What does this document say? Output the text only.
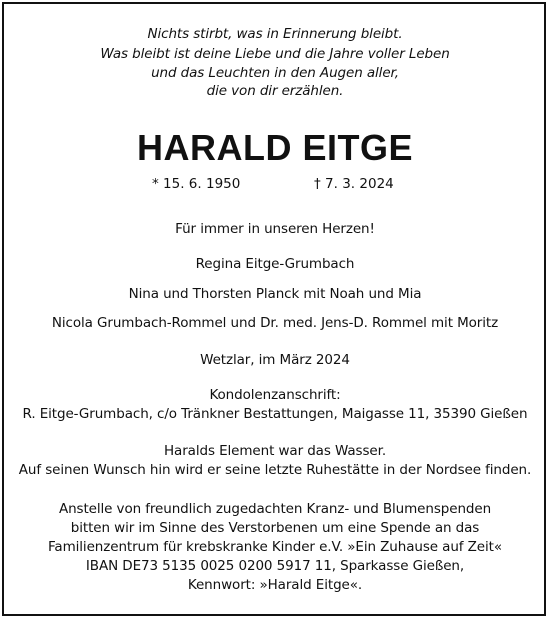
Nichts stirbt, was in Erinnerung bleibt.
Was bleibt ist deine Liebe und die Jahre voller Leben
und das Leuchten in den Augen aller,
die von dir erzählen.
HARALD EITGE
* 15. 6. 1950	† 7. 3. 2024
Für immer in unseren Herzen!
Regina Eitge-Grumbach
Nina und Thorsten Planck mit Noah und Mia
Nicola Grumbach-Rommel und Dr. med. Jens-D. Rommel mit Moritz
Wetzlar, im März 2024
Kondolenzanschrift:
R. Eitge-Grumbach, c/o Tränkner Bestattungen, Maigasse 11, 35390 Gießen
Haralds Element war das Wasser.
Auf seinen Wunsch hin wird er seine letzte Ruhestätte in der Nordsee finden.
Anstelle von freundlich zugedachten Kranz- und Blumenspenden
bitten wir im Sinne des Verstorbenen um eine Spende an das
Familienzentrum für krebskranke Kinder e.V. »Ein Zuhause auf Zeit«
IBAN DE73 5135 0025 0200 5917 11, Sparkasse Gießen,
Kennwort: »Harald Eitge«.
